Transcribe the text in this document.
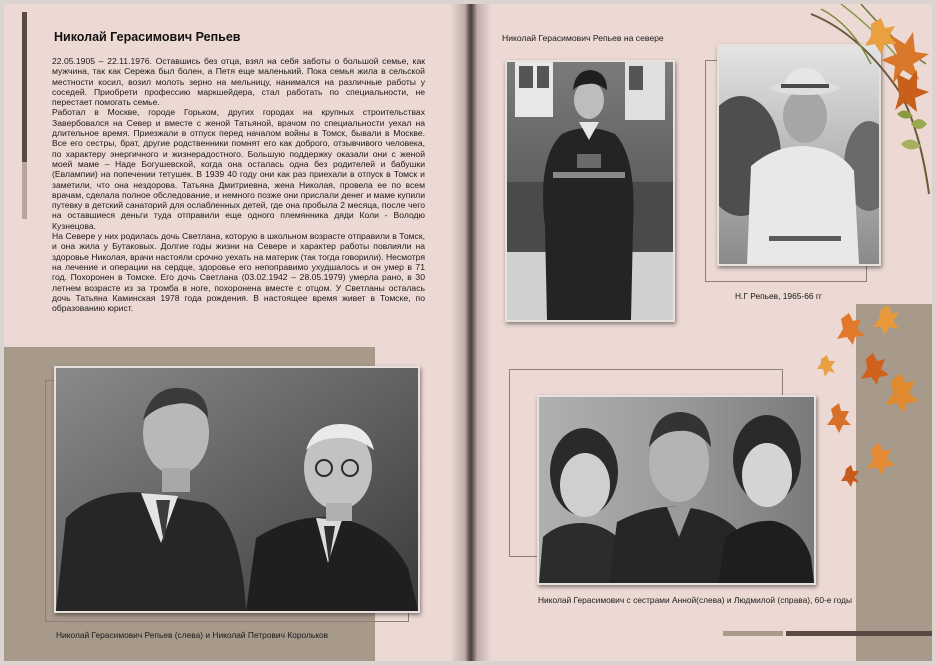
Николай Герасимович Репьев

22.05.1905 – 22.11.1976. Оставшись без отца, взял на себя заботы о большой семье, как мужчина, так как Сережа был болен, а Петя еще маленький. Пока семья жила в сельской местности косил, возил молоть зерно на мельницу, нанимался на различные работы у соседей. Приобрети профессию маркшейдера, стал работать по специальности, не перестает помогать семье.

Работал в Москве, городе Горьком, других городах на крупных строительствах Завербовался на Север и вместе с женой Татьяной, врачом по специальности уехал на длительное время. Приезжали в отпуск перед началом войны в Томск, бывали в Москве. Все его сестры, брат, другие родственники помнят его как доброго, отзывчивого человека, по характеру энергичного и жизнерадостного. Большую поддержку оказали они с женой моей маме – Наде Богушевской, когда она осталась одна без родителей и бабушки (Евлампии) на попечении тетушек. В 1939 40 году они как раз приехали в отпуск в Томск и заметили, что она нездорова. Татьяна Дмитриевна, жена Николая, провела ее по всем врачам, сделала полное обследование, и немного позже они прислали денег и маме купили путевку в детский санаторий для ослабленных детей, где она пробыла 2 месяца, после чего на оставшиеся деньги туда отправили еще одного племянника дяди Коли - Володю Кузнецова.

На Севере у них родилась дочь Светлана, которую в школьном возрасте отправили в Томск, и она жила у Бутаковых. Долгие годы жизни на Севере и характер работы повлияли на здоровье Николая, врачи настояли срочно уехать на материк (так тогда говорили). Несмотря на лечение и операции на сердце, здоровье его непоправимо ухудшалось и он умер в 71 год. Похоронен в Томске. Его дочь Светлана (03.02.1942 – 28.05.1979) умерла рано, в 30 летнем возрасте из за тромба в ноге, похоронена вместе с отцом. У Светланы осталась дочь Татьяна Каминская 1978 года рождения. В настоящее время живет в Томске, по образованию юрист.

Николай Герасимович Репьев (слева) и Николай Петрович Корольков
Николай Герасимович Репьев на севере
Н.Г Репьев, 1965-66 гг
Николай Герасимович с сестрами Анной(слева) и Людмилой (справа), 60-е годы
